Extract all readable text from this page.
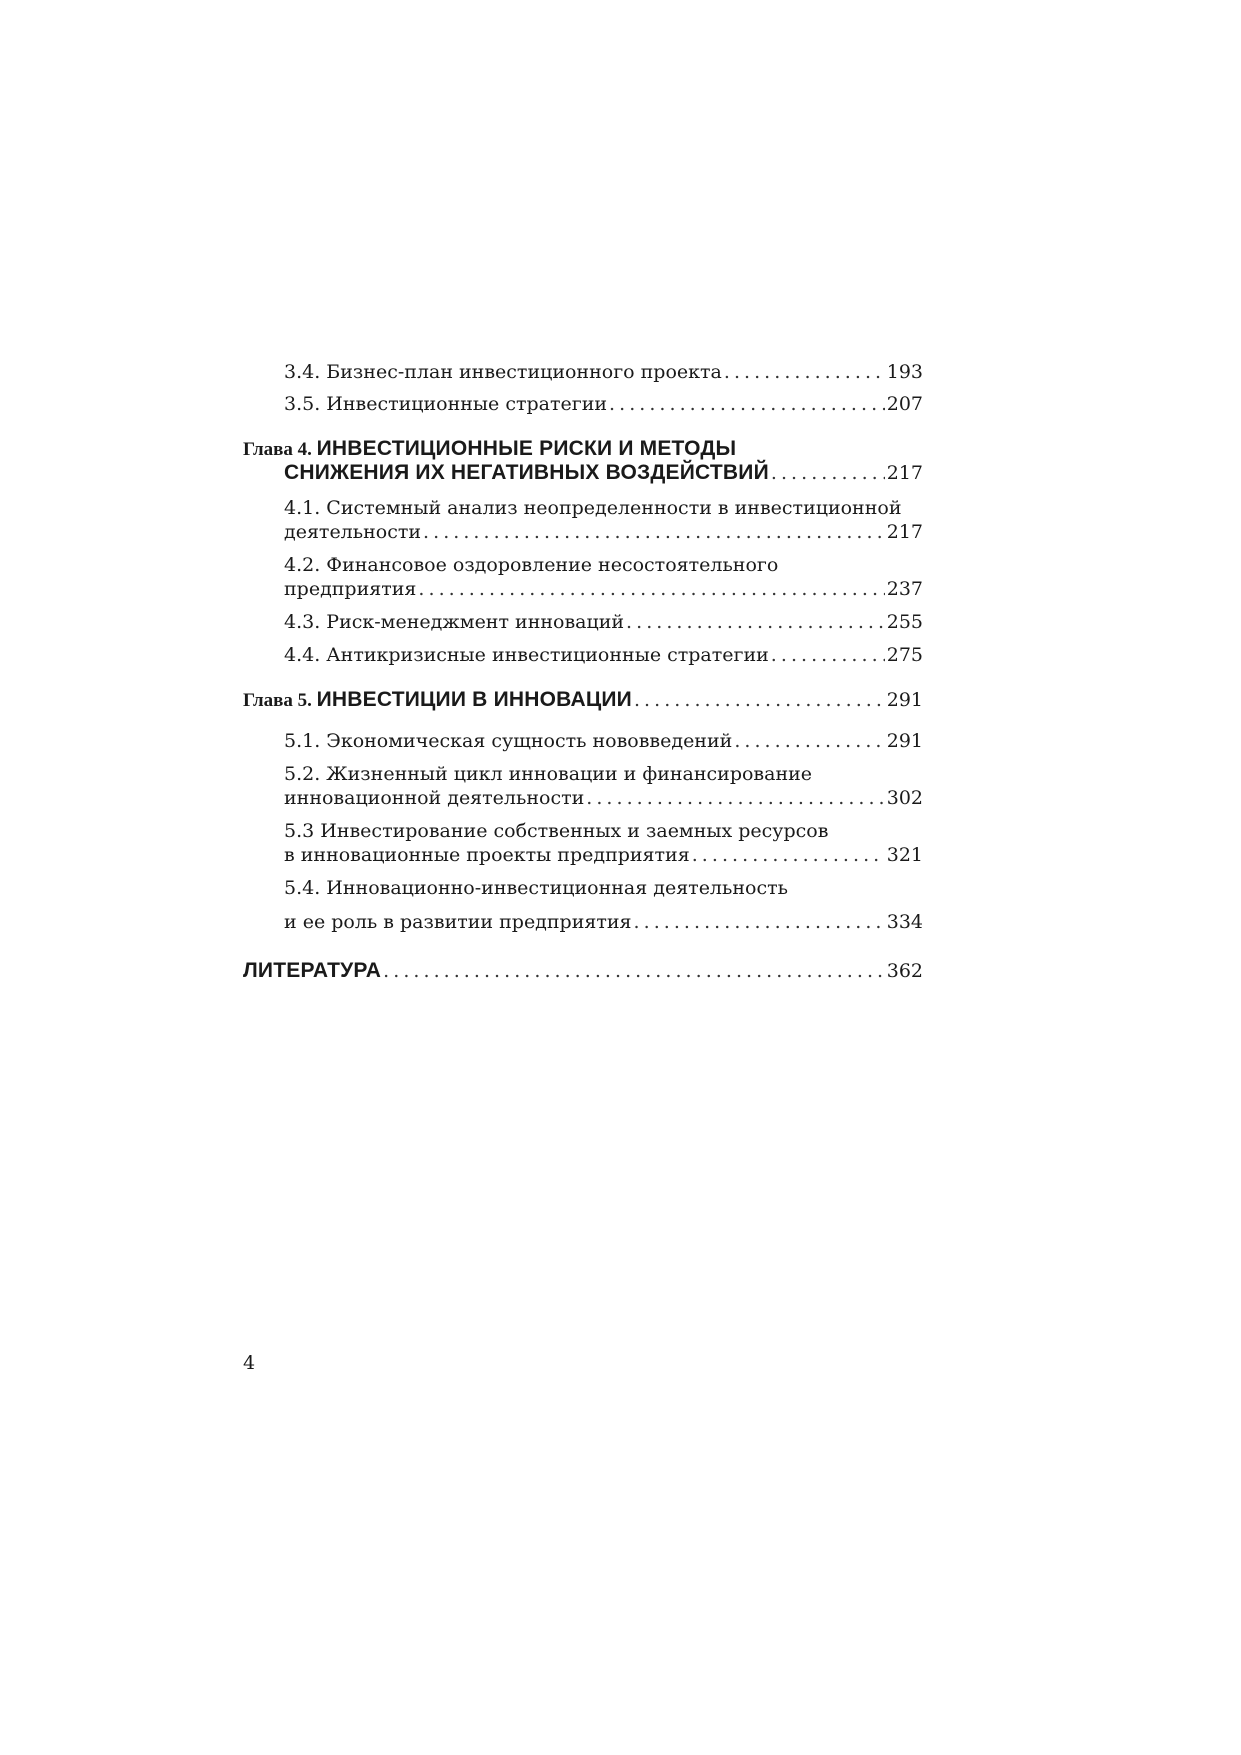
3.4. Бизнес-план инвестиционного проекта . . .	193
3.5. Инвестиционные стратегии . . .	207
Глава 4. ИНВЕСТИЦИОННЫЕ РИСКИ И МЕТОДЫ
СНИЖЕНИЯ ИХ НЕГАТИВНЫХ ВОЗДЕЙСТВИЙ . . .	217
4.1. Системный анализ неопределенности в инвестиционной
деятельности . . .	217
4.2. Финансовое оздоровление несостоятельного
предприятия . . .	237
4.3. Риск-менеджмент инноваций . . .	255
4.4. Антикризисные инвестиционные стратегии . . .	275
Глава 5. ИНВЕСТИЦИИ В ИННОВАЦИИ . . .	291
5.1. Экономическая сущность нововведений . . .	291
5.2. Жизненный цикл инновации и финансирование
инновационной деятельности . . .	302
5.3 Инвестирование собственных и заемных ресурсов
в инновационные проекты предприятия . . .	321
5.4. Инновационно-инвестиционная деятельность
и ее роль в развитии предприятия . . .	334
ЛИТЕРАТУРА . . .	362
4
